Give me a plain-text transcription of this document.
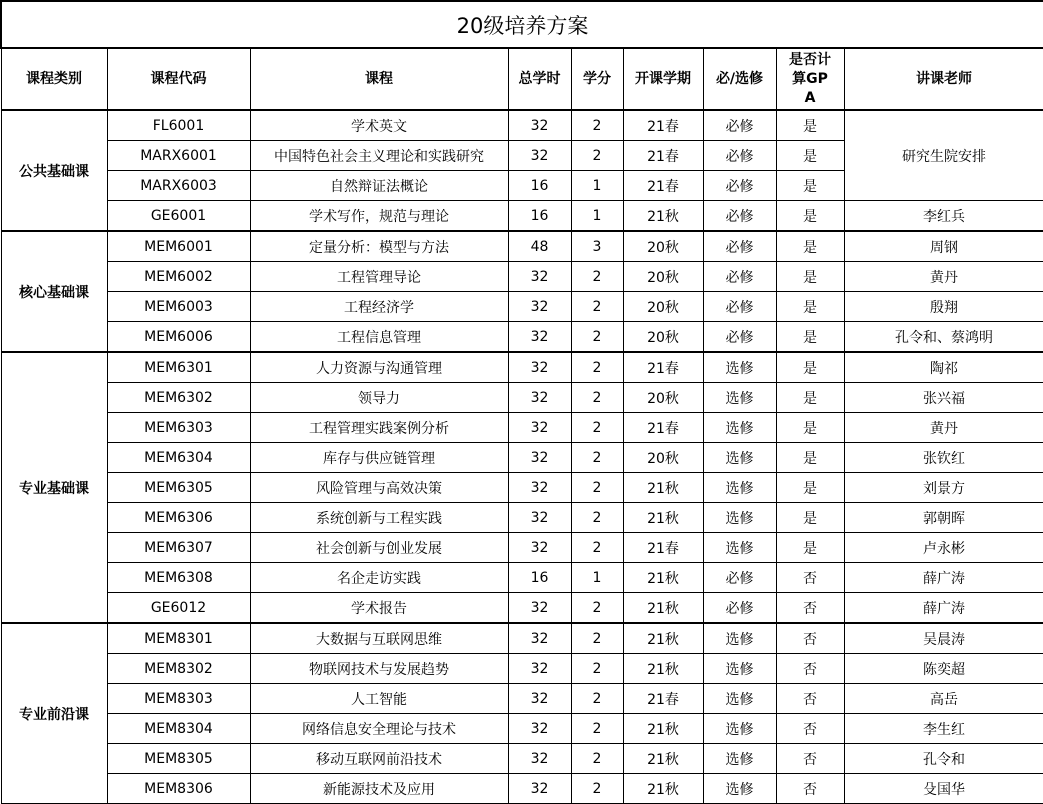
20级培养方案								
课程类别	课程代码	课程	总学时	学分	开课学期	必/选修	是否计算GPA	讲课老师
公共基础课	FL6001	学术英文	32	2	21春	必修	是	研究生院安排
	MARX6001	中国特色社会主义理论和实践研究	32	2	21春	必修	是	
	MARX6003	自然辩证法概论	16	1	21春	必修	是	
	GE6001	学术写作，规范与理论	16	1	21秋	必修	是	李红兵
核心基础课	MEM6001	定量分析：模型与方法	48	3	20秋	必修	是	周钢
	MEM6002	工程管理导论	32	2	20秋	必修	是	黄丹
	MEM6003	工程经济学	32	2	20秋	必修	是	殷翔
	MEM6006	工程信息管理	32	2	20秋	必修	是	孔令和、蔡鸿明
专业基础课	MEM6301	人力资源与沟通管理	32	2	21春	选修	是	陶祁
	MEM6302	领导力	32	2	20秋	选修	是	张兴福
	MEM6303	工程管理实践案例分析	32	2	21春	选修	是	黄丹
	MEM6304	库存与供应链管理	32	2	20秋	选修	是	张钦红
	MEM6305	风险管理与高效决策	32	2	21秋	选修	是	刘景方
	MEM6306	系统创新与工程实践	32	2	21秋	选修	是	郭朝晖
	MEM6307	社会创新与创业发展	32	2	21春	选修	是	卢永彬
	MEM6308	名企走访实践	16	1	21秋	必修	否	薛广涛
	GE6012	学术报告	32	2	21秋	必修	否	薛广涛
专业前沿课	MEM8301	大数据与互联网思维	32	2	21秋	选修	否	吴晨涛
	MEM8302	物联网技术与发展趋势	32	2	21秋	选修	否	陈奕超
	MEM8303	人工智能	32	2	21春	选修	否	高岳
	MEM8304	网络信息安全理论与技术	32	2	21秋	选修	否	李生红
	MEM8305	移动互联网前沿技术	32	2	21秋	选修	否	孔令和
	MEM8306	新能源技术及应用	32	2	21秋	选修	否	殳国华
